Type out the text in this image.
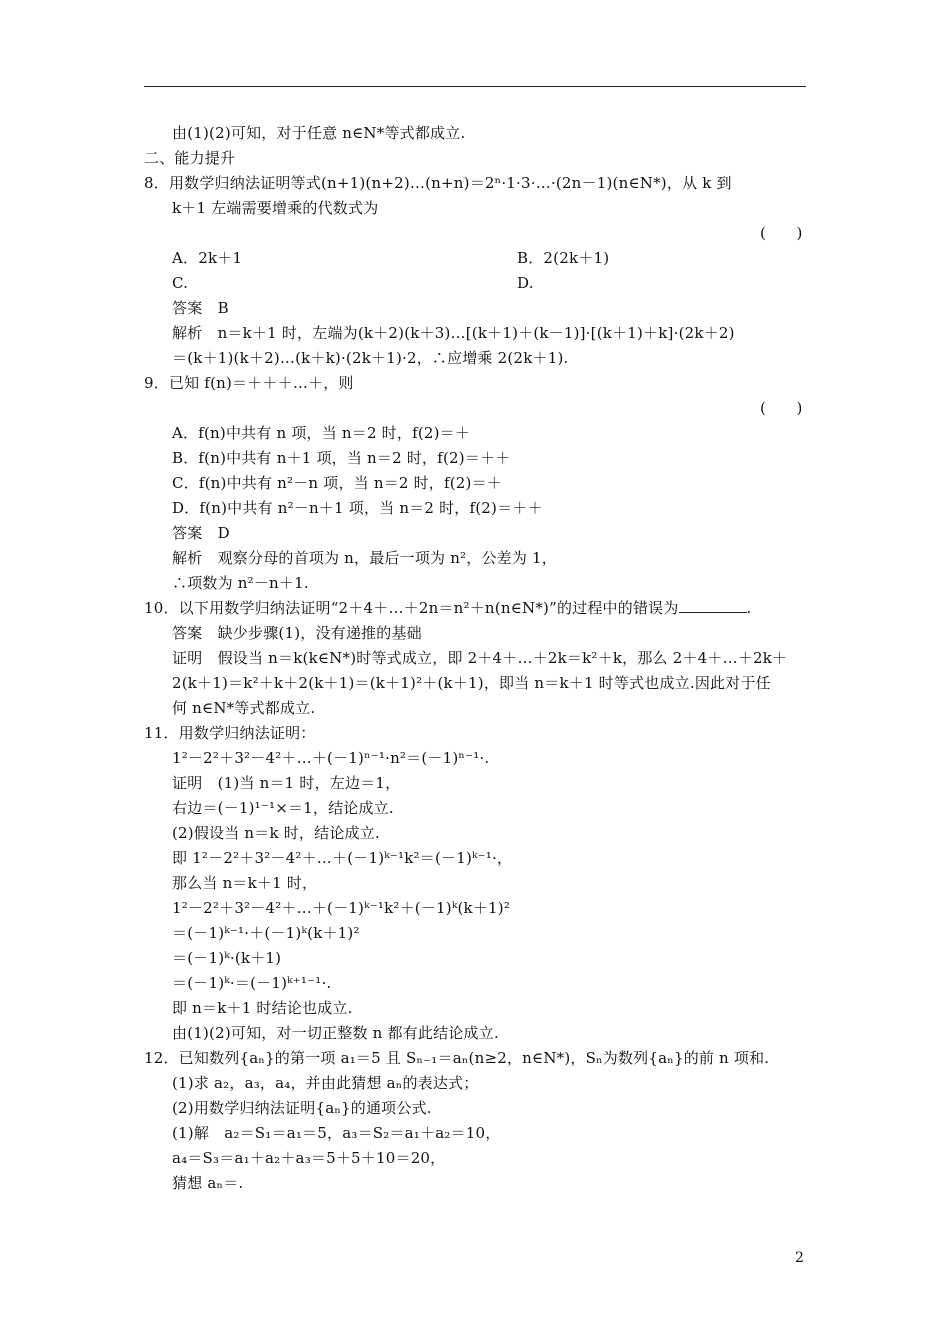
由(1)(2)可知，对于任意 n∈N*等式都成立.
二、能力提升
8．用数学归纳法证明等式(n+1)(n+2)…(n+n)＝2ⁿ·1·3·…·(2n－1)(n∈N*)，从 k 到
k＋1 左端需要增乘的代数式为
(　　)
A．2k＋1	B．2(2k＋1)
C.	D.
答案　B
解析　n＝k＋1 时，左端为(k＋2)(k＋3)…[(k＋1)＋(k－1)]·[(k＋1)＋k]·(2k＋2)
＝(k＋1)(k＋2)…(k＋k)·(2k＋1)·2，∴应增乘 2(2k＋1).
9．已知 f(n)＝＋＋＋…＋，则
(　　)
A．f(n)中共有 n 项，当 n＝2 时，f(2)＝＋
B．f(n)中共有 n＋1 项，当 n＝2 时，f(2)＝＋＋
C．f(n)中共有 n²－n 项，当 n＝2 时，f(2)＝＋
D．f(n)中共有 n²－n＋1 项，当 n＝2 时，f(2)＝＋＋
答案　D
解析　观察分母的首项为 n，最后一项为 n²，公差为 1，
∴项数为 n²－n＋1.
10．以下用数学归纳法证明“2＋4＋…＋2n＝n²＋n(n∈N*)”的过程中的错误为	.
答案　缺少步骤(1)，没有递推的基础
证明　假设当 n＝k(k∈N*)时等式成立，即 2＋4＋…＋2k＝k²＋k，那么 2＋4＋…＋2k＋
2(k＋1)＝k²＋k＋2(k＋1)＝(k＋1)²＋(k＋1)，即当 n＝k＋1 时等式也成立.因此对于任
何 n∈N*等式都成立.
11．用数学归纳法证明：
1²－2²＋3²－4²＋…＋(－1)ⁿ⁻¹·n²＝(－1)ⁿ⁻¹·.
证明　(1)当 n＝1 时，左边＝1，
右边＝(－1)¹⁻¹×＝1，结论成立.
(2)假设当 n＝k 时，结论成立.
即 1²－2²＋3²－4²＋…＋(－1)ᵏ⁻¹k²＝(－1)ᵏ⁻¹·，
那么当 n＝k＋1 时，
1²－2²＋3²－4²＋…＋(－1)ᵏ⁻¹k²＋(－1)ᵏ(k＋1)²
＝(－1)ᵏ⁻¹·＋(－1)ᵏ(k＋1)²
＝(－1)ᵏ·(k＋1)
＝(－1)ᵏ·＝(－1)ᵏ⁺¹⁻¹·.
即 n＝k＋1 时结论也成立.
由(1)(2)可知，对一切正整数 n 都有此结论成立.
12．已知数列{aₙ}的第一项 a₁＝5 且 Sₙ₋₁＝aₙ(n≥2，n∈N*)，Sₙ为数列{aₙ}的前 n 项和.
(1)求 a₂，a₃，a₄，并由此猜想 aₙ的表达式；
(2)用数学归纳法证明{aₙ}的通项公式.
(1)解　a₂＝S₁＝a₁＝5，a₃＝S₂＝a₁＋a₂＝10，
a₄＝S₃＝a₁＋a₂＋a₃＝5＋5＋10＝20，
猜想 aₙ＝.
2
